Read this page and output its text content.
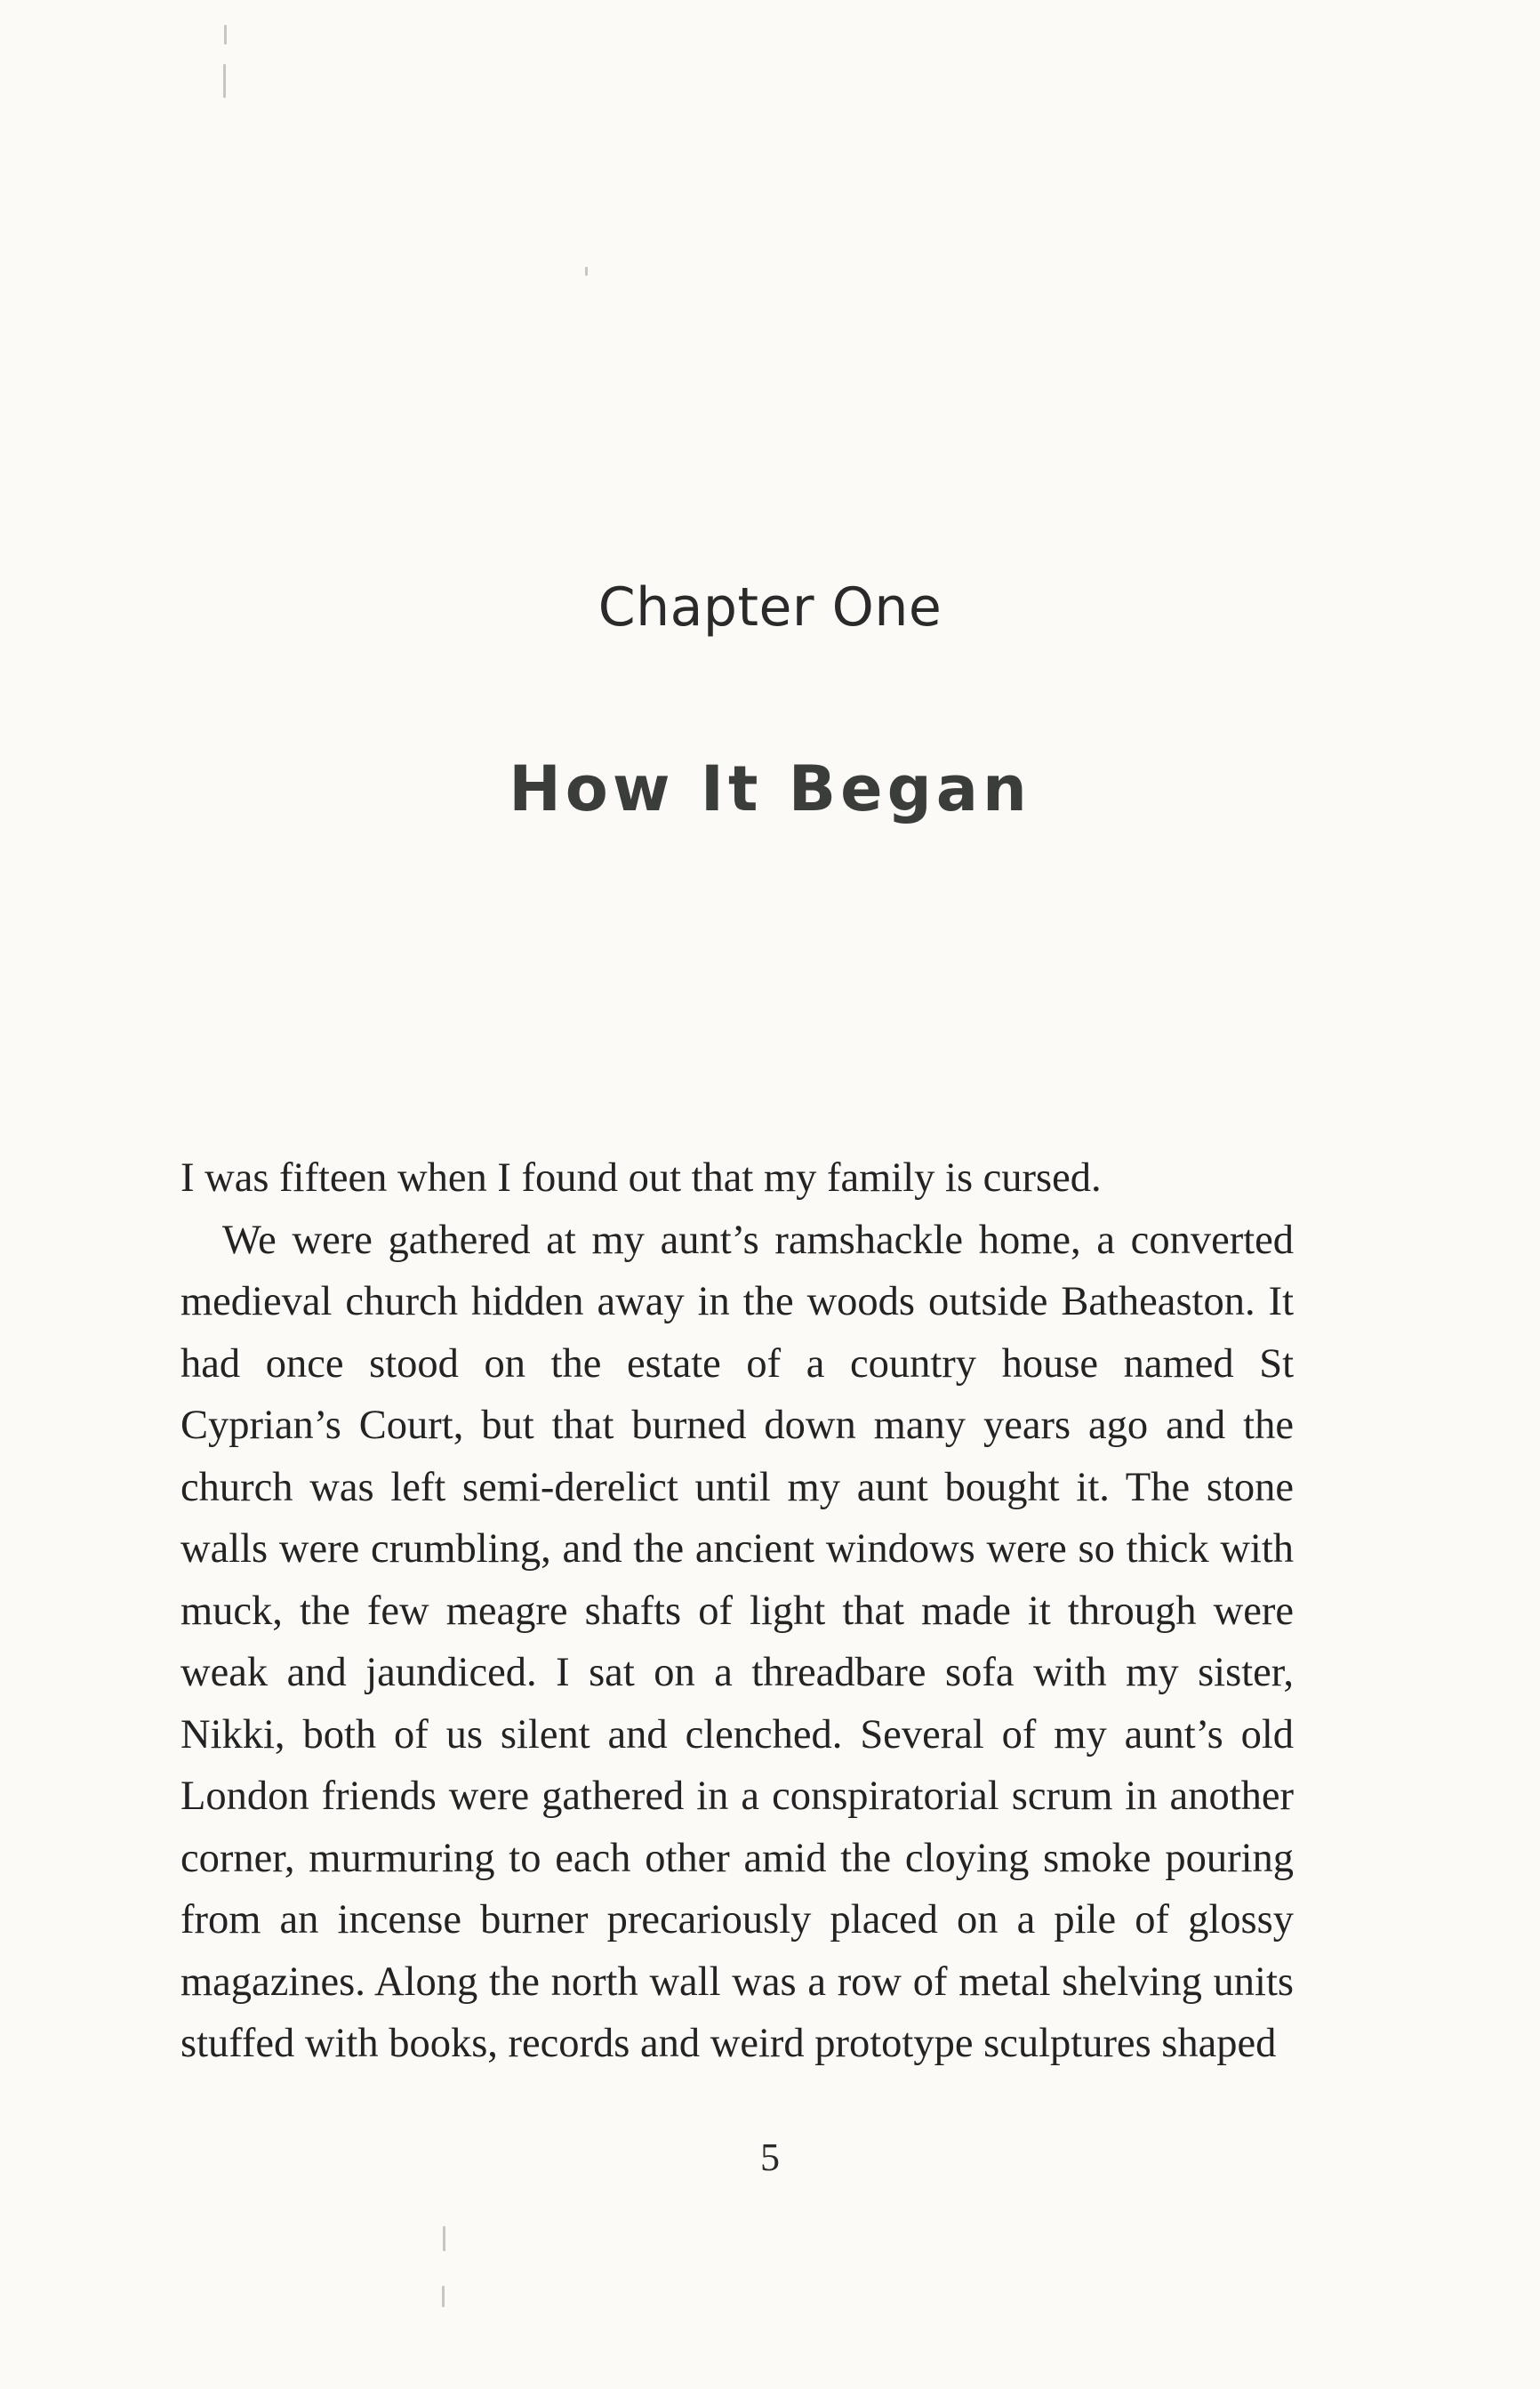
Chapter One
How It Began

I was fifteen when I found out that my family is cursed.

We were gathered at my aunt’s ramshackle home, a converted medieval church hidden away in the woods outside Batheaston. It had once stood on the estate of a country house named St Cyprian’s Court, but that burned down many years ago and the church was left semi-derelict until my aunt bought it. The stone walls were crumbling, and the ancient windows were so thick with muck, the few meagre shafts of light that made it through were weak and jaundiced. I sat on a threadbare sofa with my sister, Nikki, both of us silent and clenched. Several of my aunt’s old London friends were gathered in a conspiratorial scrum in another corner, murmuring to each other amid the cloying smoke pouring from an incense burner precariously placed on a pile of glossy magazines. Along the north wall was a row of metal shelving units stuffed with books, records and weird prototype sculptures shaped

5
